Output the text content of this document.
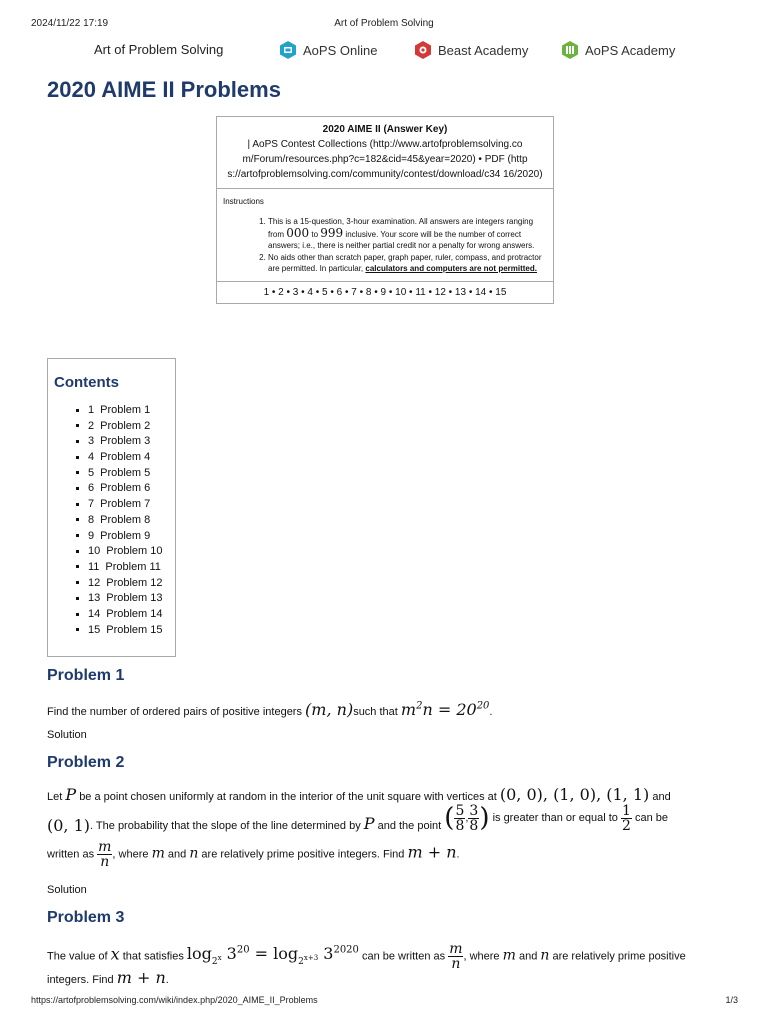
2024/11/22 17:19	Art of Problem Solving
Art of Problem Solving	AoPS Online	Beast Academy	AoPS Academy
2020 AIME II Problems
2020 AIME II (Answer Key)
| AoPS Contest Collections (http://www.artofproblemsolving.co m/Forum/resources.php?c=182&cid=45&year=2020) • PDF (http s://artofproblemsolving.com/community/contest/download/c34 16/2020)
Instructions
1. This is a 15-question, 3-hour examination. All answers are integers ranging from 000 to 999 inclusive. Your score will be the number of correct answers; i.e., there is neither partial credit nor a penalty for wrong answers.
2. No aids other than scratch paper, graph paper, ruler, compass, and protractor are permitted. In particular, calculators and computers are not permitted.
1 • 2 • 3 • 4 • 5 • 6 • 7 • 8 • 9 • 10 • 11 • 12 • 13 • 14 • 15
Contents
1 Problem 1
2 Problem 2
3 Problem 3
4 Problem 4
5 Problem 5
6 Problem 6
7 Problem 7
8 Problem 8
9 Problem 9
10 Problem 10
11 Problem 11
12 Problem 12
13 Problem 13
14 Problem 14
15 Problem 15
Problem 1
Find the number of ordered pairs of positive integers (m, n)such that $m^2n = 20^{20}$.
Solution
Problem 2
Let P be a point chosen uniformly at random in the interior of the unit square with vertices at (0, 0), (1, 0), (1, 1) and
(0, 1). The probability that the slope of the line determined by P and the point ( $\frac{5}{8}$ , $\frac{3}{8}$ ) is greater than or equal to $\frac{1}{2}$ can be
written as $\frac{m}{n}$ , where m and n are relatively prime positive integers. Find m + n.
Solution
Problem 3
The value of x that satisfies $\log_{2^x} 3^{20} = \log_{2^{x+3}} 3^{2020}$ can be written as $\frac{m}{n}$ , where m and n are relatively prime positive
integers. Find m + n.
https://artofproblemsolving.com/wiki/index.php/2020_AIME_II_Problems	1/3
